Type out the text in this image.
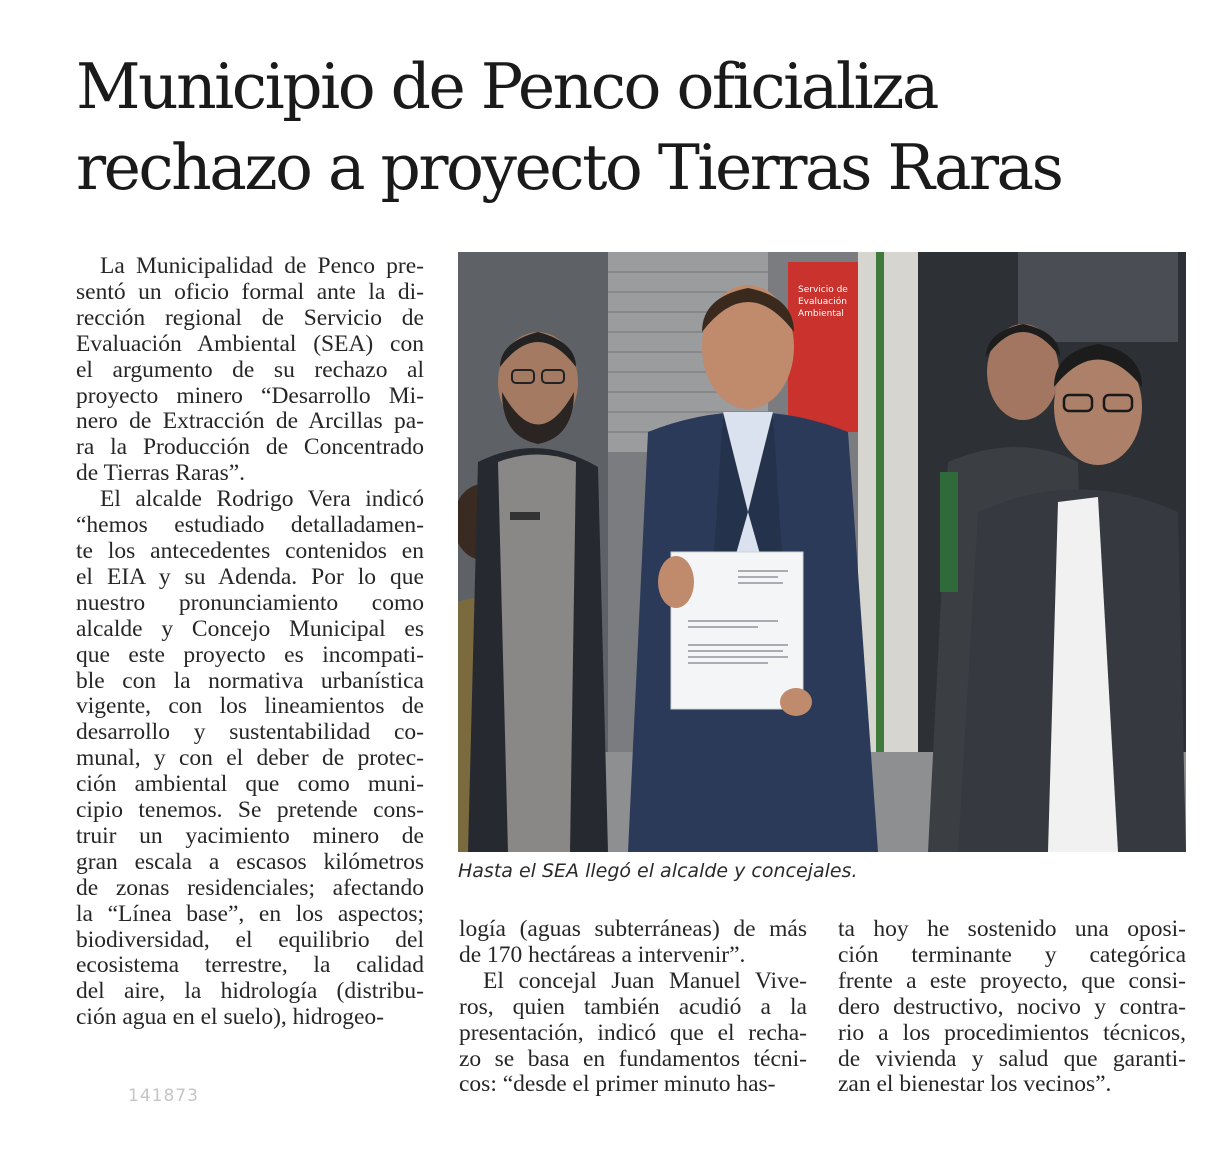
Municipio de Penco oficializa
rechazo a proyecto Tierras Raras
La Municipalidad de Penco pre-
sentó un oficio formal ante la di-
rección regional de Servicio de
Evaluación Ambiental (SEA) con
el argumento de su rechazo al
proyecto minero “Desarrollo Mi-
nero de Extracción de Arcillas pa-
ra la Producción de Concentrado
de Tierras Raras”.
El alcalde Rodrigo Vera indicó
“hemos estudiado detalladamen-
te los antecedentes contenidos en
el EIA y su Adenda. Por lo que
nuestro pronunciamiento como
alcalde y Concejo Municipal es
que este proyecto es incompati-
ble con la normativa urbanística
vigente, con los lineamientos de
desarrollo y sustentabilidad co-
munal, y con el deber de protec-
ción ambiental que como muni-
cipio tenemos. Se pretende cons-
truir un yacimiento minero de
gran escala a escasos kilómetros
de zonas residenciales; afectando
la “Línea base”, en los aspectos;
biodiversidad, el equilibrio del
ecosistema terrestre, la calidad
del aire, la hidrología (distribu-
ción agua en el suelo), hidrogeo-
Servicio de
Evaluación
Ambiental

Hasta el SEA llegó el alcalde y concejales.

logía (aguas subterráneas) de más
de 170 hectáreas a intervenir”.
El concejal Juan Manuel Vive-
ros, quien también acudió a la
presentación, indicó que el recha-
zo se basa en fundamentos técni-
cos: “desde el primer minuto has-
ta hoy he sostenido una oposi-
ción terminante y categórica
frente a este proyecto, que consi-
dero destructivo, nocivo y contra-
rio a los procedimientos técnicos,
de vivienda y salud que garanti-
zan el bienestar los vecinos”.
141873
